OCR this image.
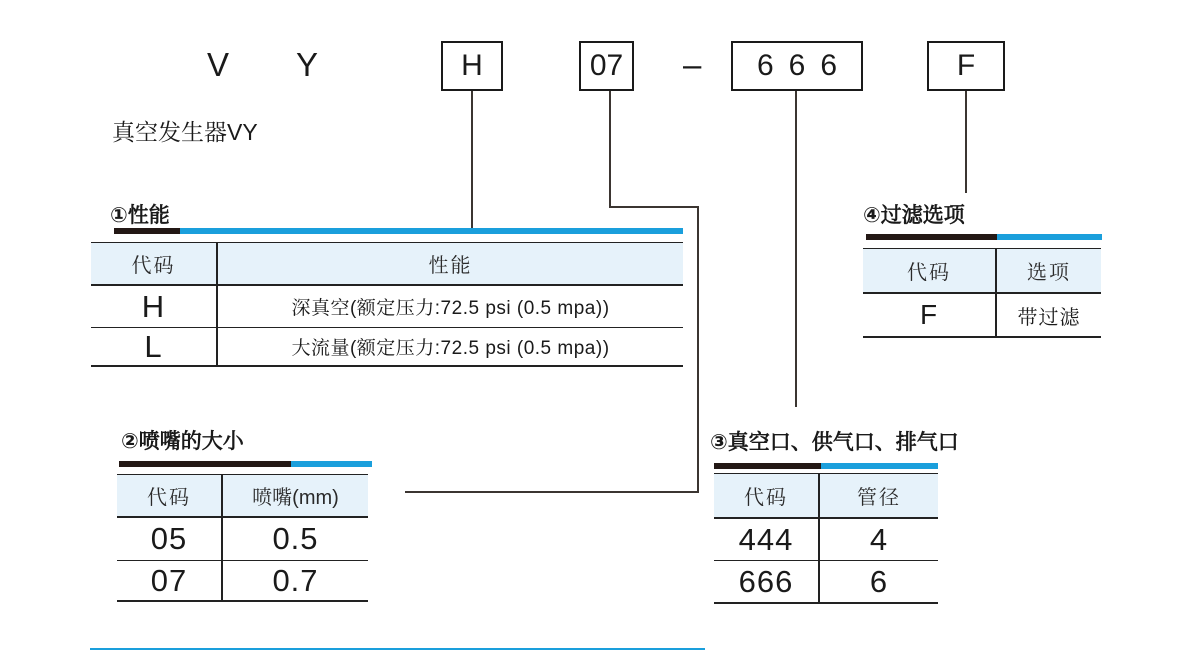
V Y	H	07 –	666	F
真空发生器VY
①性能
代码	性能
H	深真空(额定压力:72.5 psi (0.5 mpa))
L	大流量(额定压力:72.5 psi (0.5 mpa))
④过滤选项
代码	选项
F	带过滤
②喷嘴的大小
代码	喷嘴(mm)
05	0.5
07	0.7
③真空口、供气口、排气口
代码	管径
444	4
666	6
